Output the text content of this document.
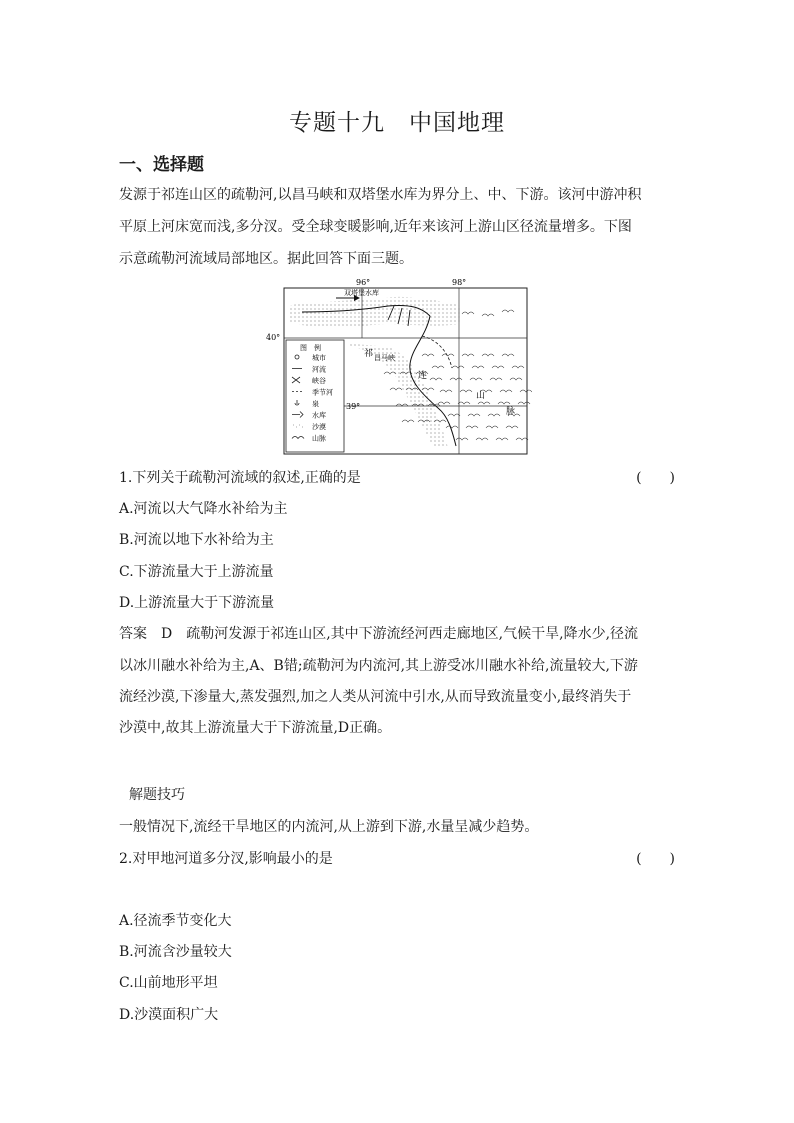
专题十九　中国地理
一、选择题
发源于祁连山区的疏勒河,以昌马峡和双塔堡水库为界分上、中、下游。该河中游冲积
平原上河床宽而浅,多分汊。受全球变暖影响,近年来该河上游山区径流量增多。下图
示意疏勒河流域局部地区。据此回答下面三题。
96°	98°
40°
39°
双塔堡水库
昌马峡
祁
连
山
脉
图　例
城市
河流
峡谷
季节河
泉
水库
沙漠
山脉
1.下列关于疏勒河流域的叙述,正确的是	(　　)
A.河流以大气降水补给为主
B.河流以地下水补给为主
C.下游流量大于上游流量
D.上游流量大于下游流量
答案　D　疏勒河发源于祁连山区,其中下游流经河西走廊地区,气候干旱,降水少,径流
以冰川融水补给为主,A、B错;疏勒河为内流河,其上游受冰川融水补给,流量较大,下游
流经沙漠,下渗量大,蒸发强烈,加之人类从河流中引水,从而导致流量变小,最终消失于
沙漠中,故其上游流量大于下游流量,D正确。
解题技巧
一般情况下,流经干旱地区的内流河,从上游到下游,水量呈减少趋势。
2.对甲地河道多分汊,影响最小的是	(　　)
A.径流季节变化大
B.河流含沙量较大
C.山前地形平坦
D.沙漠面积广大
